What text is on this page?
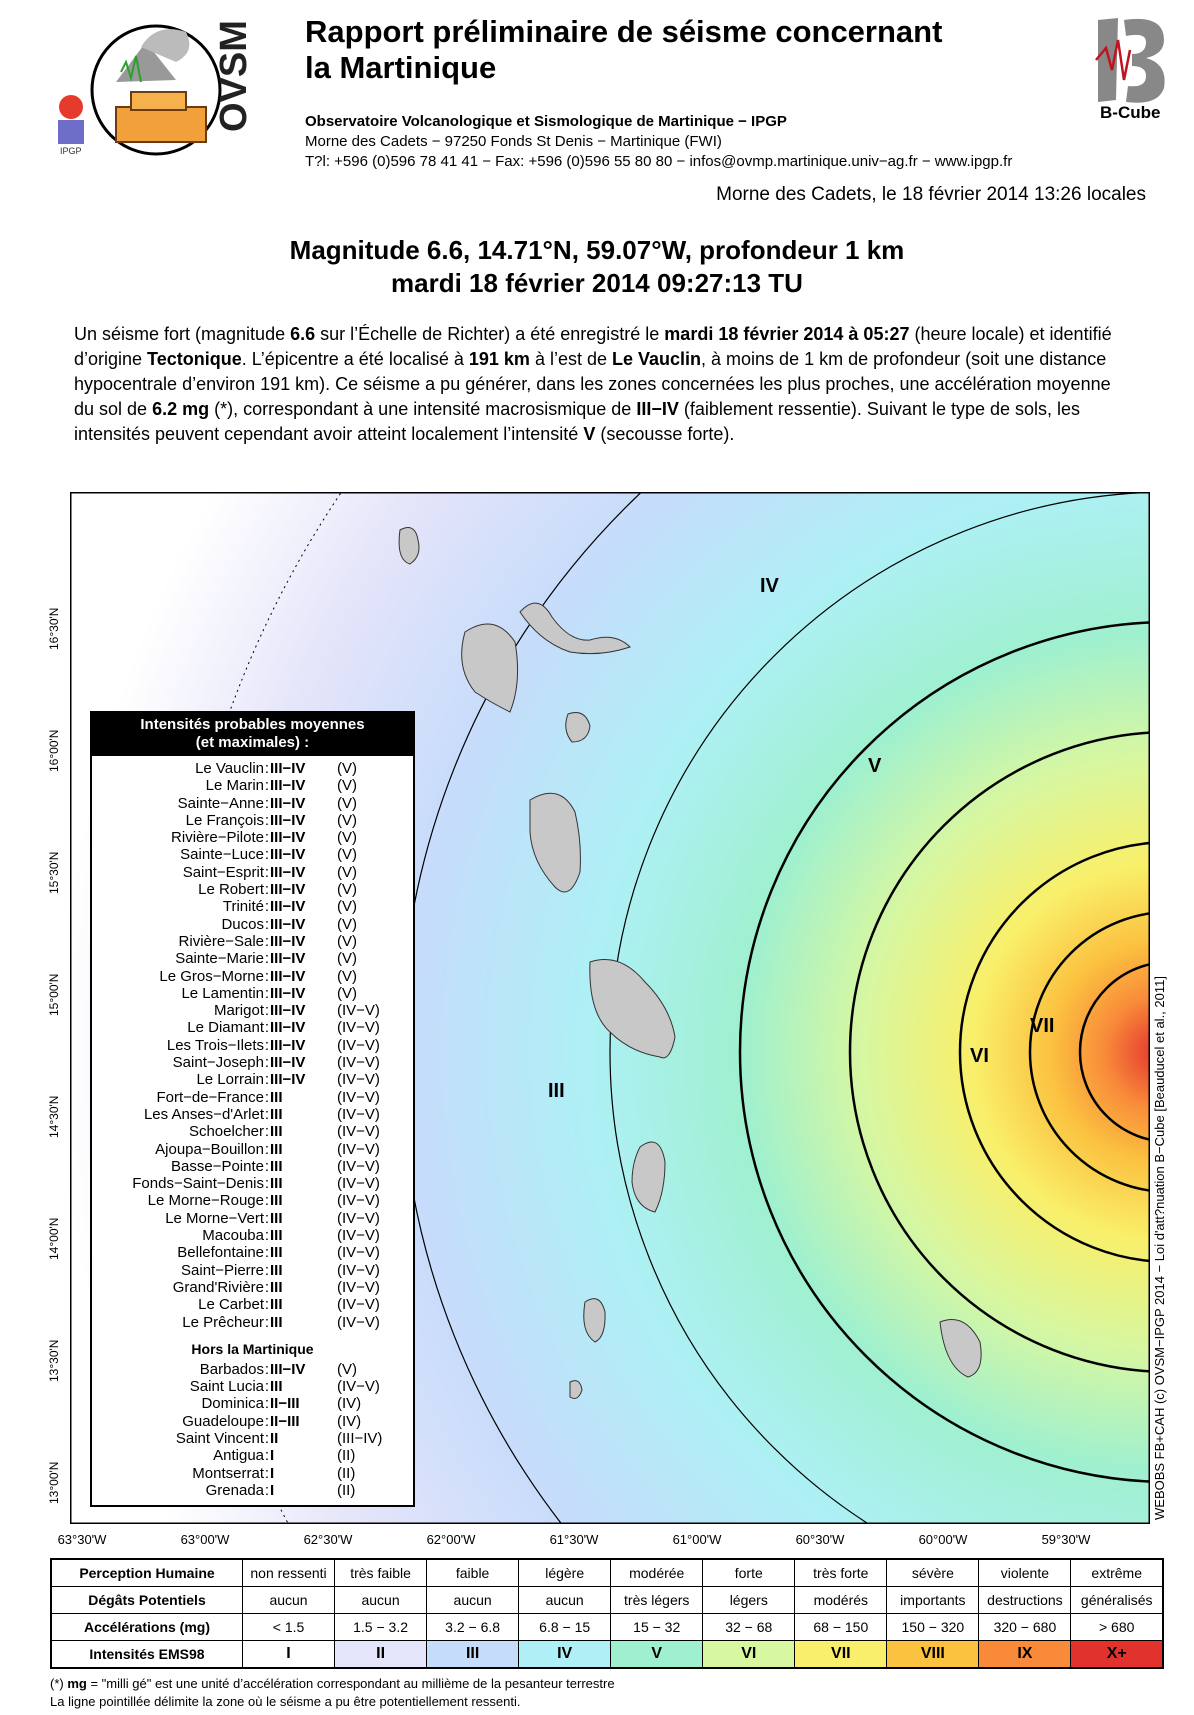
IPGP
OVSM Rapport préliminaire de séisme concernant
la Martinique
Observatoire Volcanologique et Sismologique de Martinique − IPGP
Morne des Cadets − 97250 Fonds St Denis − Martinique (FWI)
T?l: +596 (0)596 78 41 41 − Fax: +596 (0)596 55 80 80 − infos@ovmp.martinique.univ−ag.fr − www.ipgp.fr
B-Cube
Morne des Cadets, le 18 février 2014 13:26 locales
Magnitude 6.6, 14.71°N, 59.07°W, profondeur 1 km
mardi 18 février 2014 09:27:13 TU
Un séisme fort (magnitude 6.6 sur l’Échelle de Richter) a été enregistré le mardi 18 février 2014 à 05:27 (heure locale) et identifié d’origine Tectonique. L’épicentre a été localisé à 191 km à l’est de Le Vauclin, à moins de 1 km de profondeur (soit une distance hypocentrale d’environ 191 km). Ce séisme a pu générer, dans les zones concernées les plus proches, une accélération moyenne du sol de 6.2 mg (*), correspondant à une intensité macrosismique de III−IV (faiblement ressentie). Suivant le type de sols, les intensités peuvent cependant avoir atteint localement l’intensité V (secousse forte).
III
IV
V
VI
VII	WEBOBS FB+CAH (c) OVSM−IPGP 2014 − Loi d'att?nuation B−Cube [Beauducel et al., 2011]
16°30'N
16°00'N
15°30'N
15°00'N
14°30'N
14°00'N
13°30'N
13°00'N
63°30'W	63°00'W	62°30'W	62°00'W	61°30'W	61°00'W	60°30'W	60°00'W	59°30'W
Intensités probables moyennes
(et maximales) :
Le Vauclin : III−IV	(V)
Le Marin : III−IV	(V)
Sainte−Anne : III−IV	(V)
Le François : III−IV	(V)
Rivière−Pilote : III−IV	(V)
Sainte−Luce : III−IV	(V)
Saint−Esprit : III−IV	(V)
Le Robert : III−IV	(V)
Trinité : III−IV	(V)
Ducos : III−IV	(V)
Rivière−Sale : III−IV	(V)
Sainte−Marie : III−IV	(V)
Le Gros−Morne : III−IV	(V)
Le Lamentin : III−IV	(V)
Marigot : III−IV	(IV−V)
Le Diamant : III−IV	(IV−V)
Les Trois−Ilets : III−IV	(IV−V)
Saint−Joseph : III−IV	(IV−V)
Le Lorrain : III−IV	(IV−V)
Fort−de−France : III	(IV−V)
Les Anses−d'Arlet : III	(IV−V)
Schoelcher : III	(IV−V)
Ajoupa−Bouillon : III	(IV−V)
Basse−Pointe : III	(IV−V)
Fonds−Saint−Denis : III	(IV−V)
Le Morne−Rouge : III	(IV−V)
Le Morne−Vert : III	(IV−V)
Macouba : III	(IV−V)
Bellefontaine : III	(IV−V)
Saint−Pierre : III	(IV−V)
Grand'Rivière : III	(IV−V)
Le Carbet : III	(IV−V)
Le Prêcheur : III	(IV−V)
Hors la Martinique
Barbados : III−IV	(V)
Saint Lucia : III	(IV−V)
Dominica : II−III	(IV)
Guadeloupe : II−III	(IV)
Saint Vincent : II	(III−IV)
Antigua : I	(II)
Montserrat : I	(II)
Grenada : I	(II)
Perception Humaine	non ressenti	très faible	faible	légère	modérée	forte	très forte	sévère	violente	extrême
Dégâts Potentiels	aucun	aucun	aucun	aucun	très légers	légers	modérés	importants	destructions	généralisés
Accélérations (mg)	< 1.5	1.5 − 3.2	3.2 − 6.8	6.8 − 15	15 − 32	32 − 68	68 − 150	150 − 320	320 − 680	> 680
Intensités EMS98	I	II	III	IV	V	VI	VII	VIII	IX	X+
(*) mg = "milli gé" est une unité d’accélération correspondant au millième de la pesanteur terrestre
La ligne pointillée délimite la zone où le séisme a pu être potentiellement ressenti.
